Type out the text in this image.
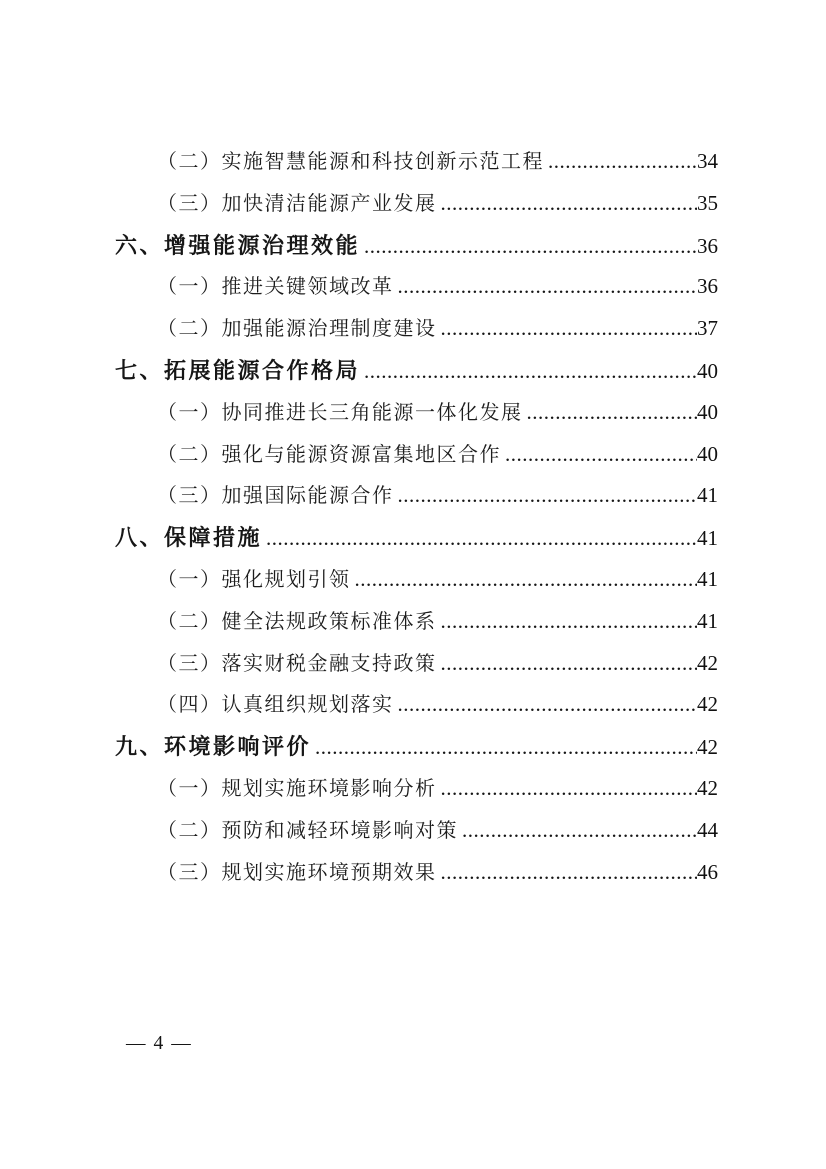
（二）实施智慧能源和科技创新示范工程 .....	34
（三）加快清洁能源产业发展 .....	35
六、增强能源治理效能 .....	36
（一）推进关键领域改革 .....	36
（二）加强能源治理制度建设 .....	37
七、拓展能源合作格局 .....	40
（一）协同推进长三角能源一体化发展 .....	40
（二）强化与能源资源富集地区合作 .....	40
（三）加强国际能源合作 .....	41
八、保障措施 .....	41
（一）强化规划引领 .....	41
（二）健全法规政策标准体系 .....	41
（三）落实财税金融支持政策 .....	42
（四）认真组织规划落实 .....	42
九、环境影响评价 .....	42
（一）规划实施环境影响分析 .....	42
（二）预防和减轻环境影响对策 .....	44
（三）规划实施环境预期效果 .....	46
— 4 —
